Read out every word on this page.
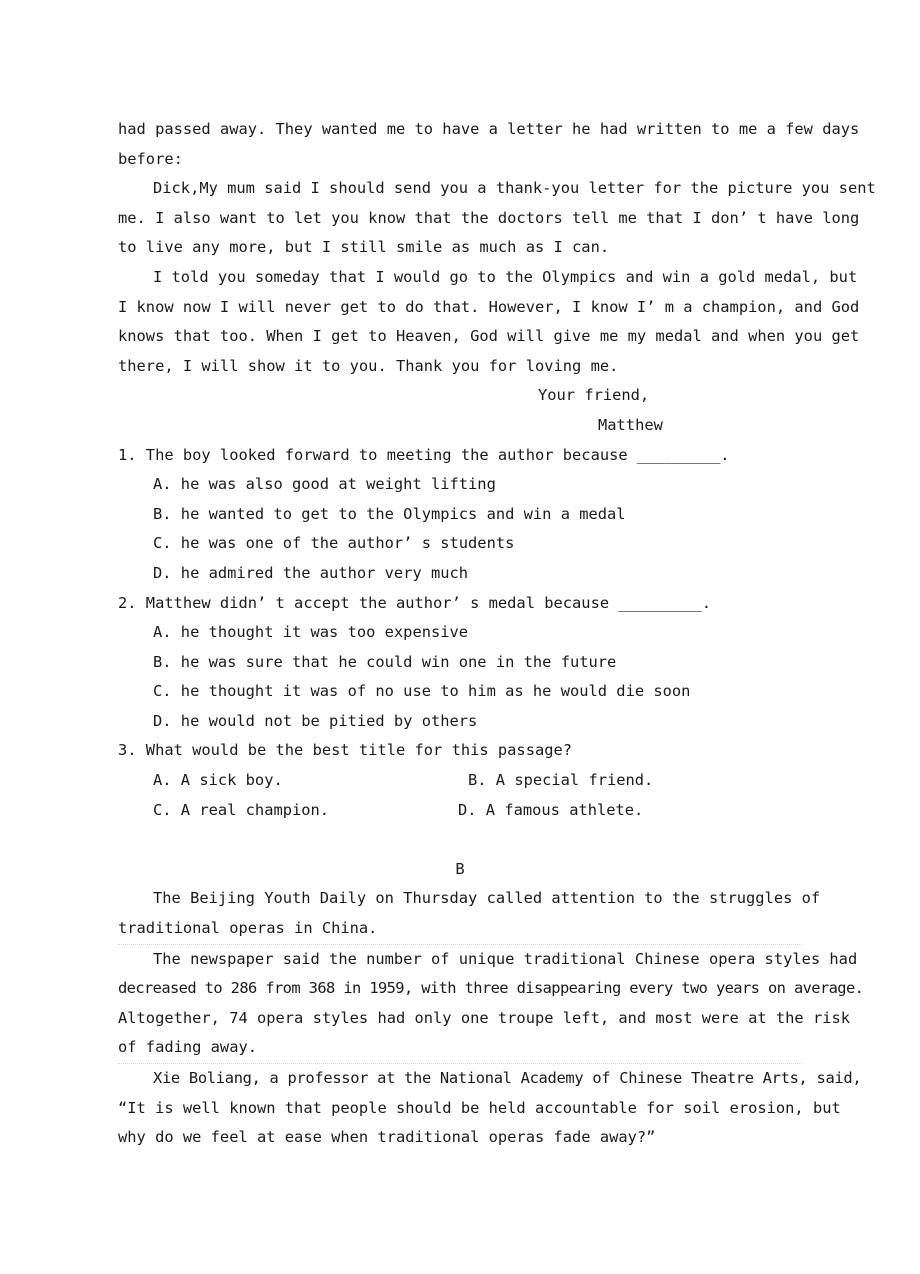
had passed away. They wanted me to have a letter he had written to me a few days
before:
Dick,My mum said I should send you a thank-you letter for the picture you sent
me. I also want to let you know that the doctors tell me that I don’ t have long
to live any more, but I still smile as much as I can.
I told you someday that I would go to the Olympics and win a gold medal, but
I know now I will never get to do that. However, I know I’ m a champion, and God
knows that too. When I get to Heaven, God will give me my medal and when you get
there, I will show it to you. Thank you for loving me.
Your friend,
Matthew
1. The boy looked forward to meeting the author because _________.
A. he was also good at weight lifting
B. he wanted to get to the Olympics and win a medal
C. he was one of the author’ s students
D. he admired the author very much
2. Matthew didn’ t accept the author’ s medal because _________.
A. he thought it was too expensive
B. he was sure that he could win one in the future
C. he thought it was of no use to him as he would die soon
D. he would not be pitied by others
3. What would be the best title for this passage?
A. A sick boy.	B. A special friend.
C. A real champion.	D. A famous athlete.
B
The Beijing Youth Daily on Thursday called attention to the struggles of
traditional operas in China.
The newspaper said the number of unique traditional Chinese opera styles had
decreased to 286 from 368 in 1959, with three disappearing every two years on average.
Altogether, 74 opera styles had only one troupe left, and most were at the risk
of fading away.
Xie Boliang, a professor at the National Academy of Chinese Theatre Arts, said,
“It is well known that people should be held accountable for soil erosion, but
why do we feel at ease when traditional operas fade away?”
